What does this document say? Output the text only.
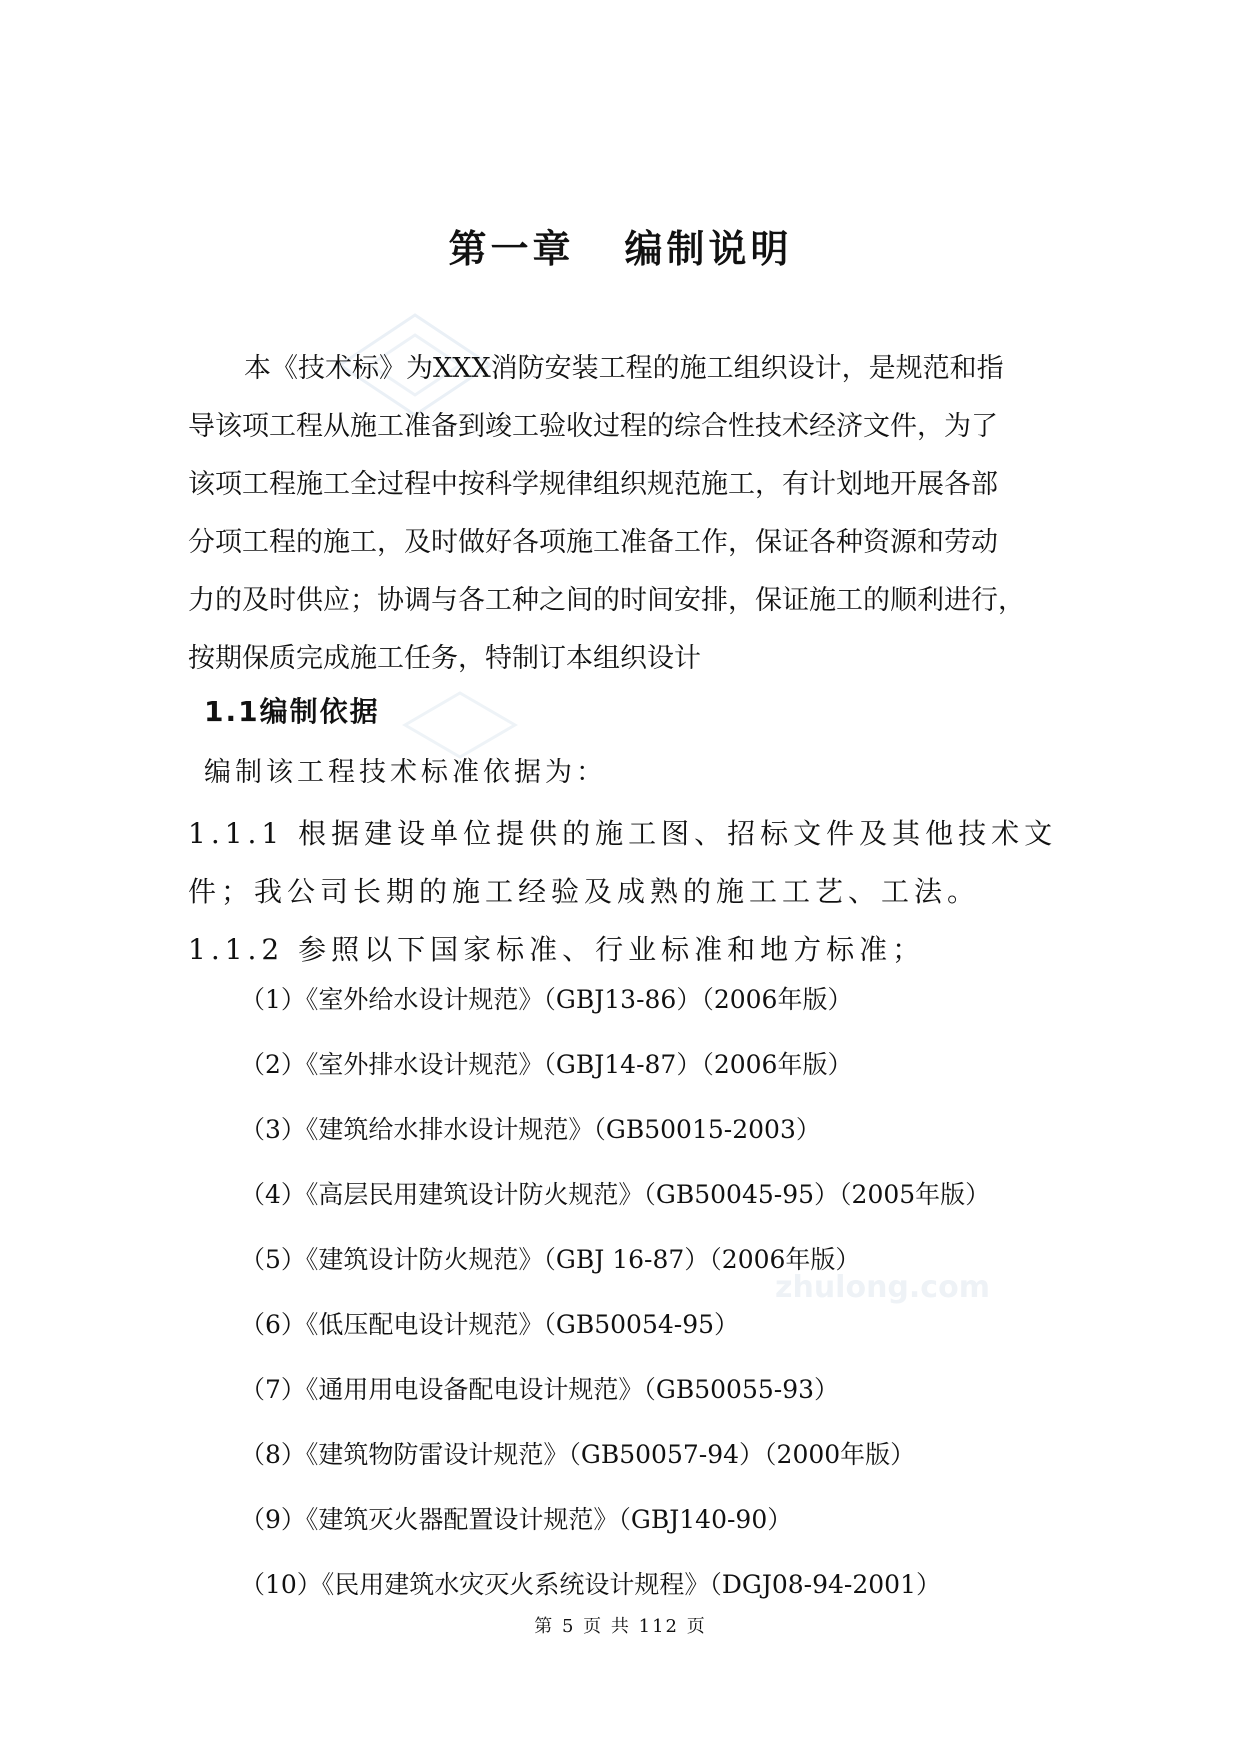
zhulong.com
第一章 编制说明
本《技术标》为XXX消防安装工程的施工组织设计，是规范和指
导该项工程从施工准备到竣工验收过程的综合性技术经济文件，为了
该项工程施工全过程中按科学规律组织规范施工，有计划地开展各部
分项工程的施工，及时做好各项施工准备工作，保证各种资源和劳动
力的及时供应；协调与各工种之间的时间安排，保证施工的顺利进行，
按期保质完成施工任务，特制订本组织设计
1.1编制依据
编制该工程技术标准依据为：
1.1.1 根据建设单位提供的施工图、招标文件及其他技术文
件；我公司长期的施工经验及成熟的施工工艺、工法。
1.1.2 参照以下国家标准、行业标准和地方标准；
（1）《室外给水设计规范》（GBJ13-86）（2006年版）
（2）《室外排水设计规范》（GBJ14-87）（2006年版）
（3）《建筑给水排水设计规范》（GB50015-2003）
（4）《高层民用建筑设计防火规范》（GB50045-95）（2005年版）
（5）《建筑设计防火规范》（GBJ 16-87）（2006年版）
（6）《低压配电设计规范》（GB50054-95）
（7）《通用用电设备配电设计规范》（GB50055-93）
（8）《建筑物防雷设计规范》（GB50057-94）（2000年版）
（9）《建筑灭火器配置设计规范》（GBJ140-90）
（10）《民用建筑水灾灭火系统设计规程》（DGJ08-94-2001）
第 5 页 共 112 页
